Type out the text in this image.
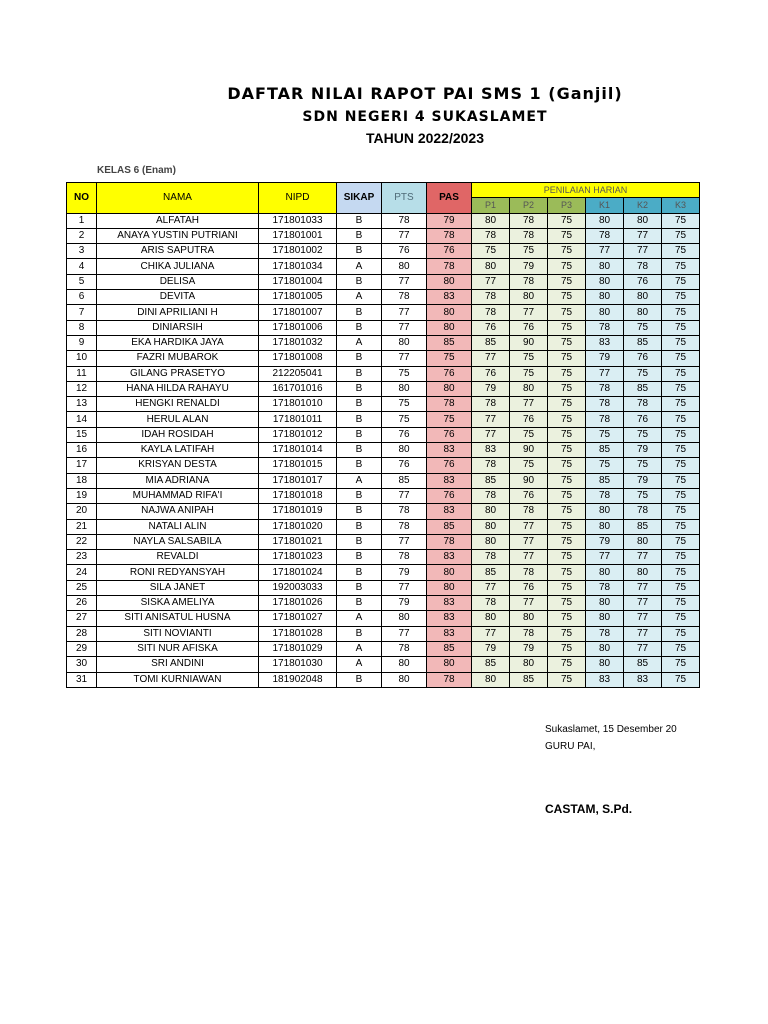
DAFTAR NILAI RAPOT PAI SMS 1 (Ganjil)
SDN NEGERI 4 SUKASLAMET
TAHUN 2022/2023
KELAS 6 (Enam)
NO	NAMA	NIPD	SIKAP	PTS	PAS	PENILAIAN HARIAN					
						P1	P2	P3	K1	K2	K3
1	ALFATAH	171801033	B	78	79	80	78	75	80	80	75
2	ANAYA YUSTIN PUTRIANI	171801001	B	77	78	78	78	75	78	77	75
3	ARIS SAPUTRA	171801002	B	76	76	75	75	75	77	77	75
4	CHIKA JULIANA	171801034	A	80	78	80	79	75	80	78	75
5	DELISA	171801004	B	77	80	77	78	75	80	76	75
6	DEVITA	171801005	A	78	83	78	80	75	80	80	75
7	DINI APRILIANI H	171801007	B	77	80	78	77	75	80	80	75
8	DINIARSIH	171801006	B	77	80	76	76	75	78	75	75
9	EKA HARDIKA JAYA	171801032	A	80	85	85	90	75	83	85	75
10	FAZRI MUBAROK	171801008	B	77	75	77	75	75	79	76	75
11	GILANG PRASETYO	212205041	B	75	76	76	75	75	77	75	75
12	HANA HILDA RAHAYU	161701016	B	80	80	79	80	75	78	85	75
13	HENGKI RENALDI	171801010	B	75	78	78	77	75	78	78	75
14	HERUL ALAN	171801011	B	75	75	77	76	75	78	76	75
15	IDAH ROSIDAH	171801012	B	76	76	77	75	75	75	75	75
16	KAYLA LATIFAH	171801014	B	80	83	83	90	75	85	79	75
17	KRISYAN DESTA	171801015	B	76	76	78	75	75	75	75	75
18	MIA ADRIANA	171801017	A	85	83	85	90	75	85	79	75
19	MUHAMMAD RIFA'I	171801018	B	77	76	78	76	75	78	75	75
20	NAJWA ANIPAH	171801019	B	78	83	80	78	75	80	78	75
21	NATALI ALIN	171801020	B	78	85	80	77	75	80	85	75
22	NAYLA SALSABILA	171801021	B	77	78	80	77	75	79	80	75
23	REVALDI	171801023	B	78	83	78	77	75	77	77	75
24	RONI REDYANSYAH	171801024	B	79	80	85	78	75	80	80	75
25	SILA JANET	192003033	B	77	80	77	76	75	78	77	75
26	SISKA AMELIYA	171801026	B	79	83	78	77	75	80	77	75
27	SITI ANISATUL HUSNA	171801027	A	80	83	80	80	75	80	77	75
28	SITI NOVIANTI	171801028	B	77	83	77	78	75	78	77	75
29	SITI NUR AFISKA	171801029	A	78	85	79	79	75	80	77	75
30	SRI ANDINI	171801030	A	80	80	85	80	75	80	85	75
31	TOMI KURNIAWAN	181902048	B	80	78	80	85	75	83	83	75
Sukaslamet, 15 Desember 20
GURU PAI,
CASTAM, S.Pd.
